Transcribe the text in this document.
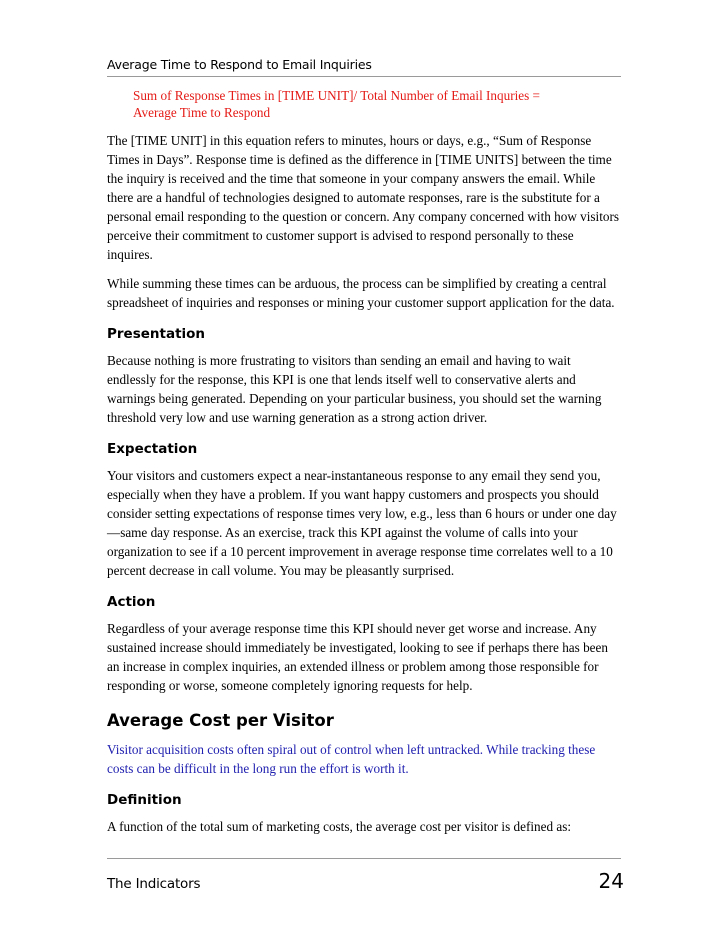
Average Time to Respond to Email Inquiries
Sum of Response Times in [TIME UNIT]/ Total Number of Email Inquries =
Average Time to Respond

The [TIME UNIT] in this equation refers to minutes, hours or days, e.g., “Sum of Response Times in Days”. Response time is defined as the difference in [TIME UNITS] between the time the inquiry is received and the time that someone in your company answers the email. While there are a handful of technologies designed to automate responses, rare is the substitute for a personal email responding to the question or concern. Any company concerned with how visitors perceive their commitment to customer support is advised to respond personally to these inquires.

While summing these times can be arduous, the process can be simplified by creating a central spreadsheet of inquiries and responses or mining your customer support application for the data.

Presentation

Because nothing is more frustrating to visitors than sending an email and having to wait endlessly for the response, this KPI is one that lends itself well to conservative alerts and warnings being generated. Depending on your particular business, you should set the warning threshold very low and use warning generation as a strong action driver.

Expectation

Your visitors and customers expect a near-instantaneous response to any email they send you, especially when they have a problem. If you want happy customers and prospects you should consider setting expectations of response times very low, e.g., less than 6 hours or under one day—same day response. As an exercise, track this KPI against the volume of calls into your organization to see if a 10 percent improvement in average response time correlates well to a 10 percent decrease in call volume. You may be pleasantly surprised.

Action

Regardless of your average response time this KPI should never get worse and increase. Any sustained increase should immediately be investigated, looking to see if perhaps there has been an increase in complex inquiries, an extended illness or problem among those responsible for responding or worse, someone completely ignoring requests for help.

Average Cost per Visitor

Visitor acquisition costs often spiral out of control when left untracked. While tracking these costs can be difficult in the long run the effort is worth it.

Definition

A function of the total sum of marketing costs, the average cost per visitor is defined as:

The Indicators	24
